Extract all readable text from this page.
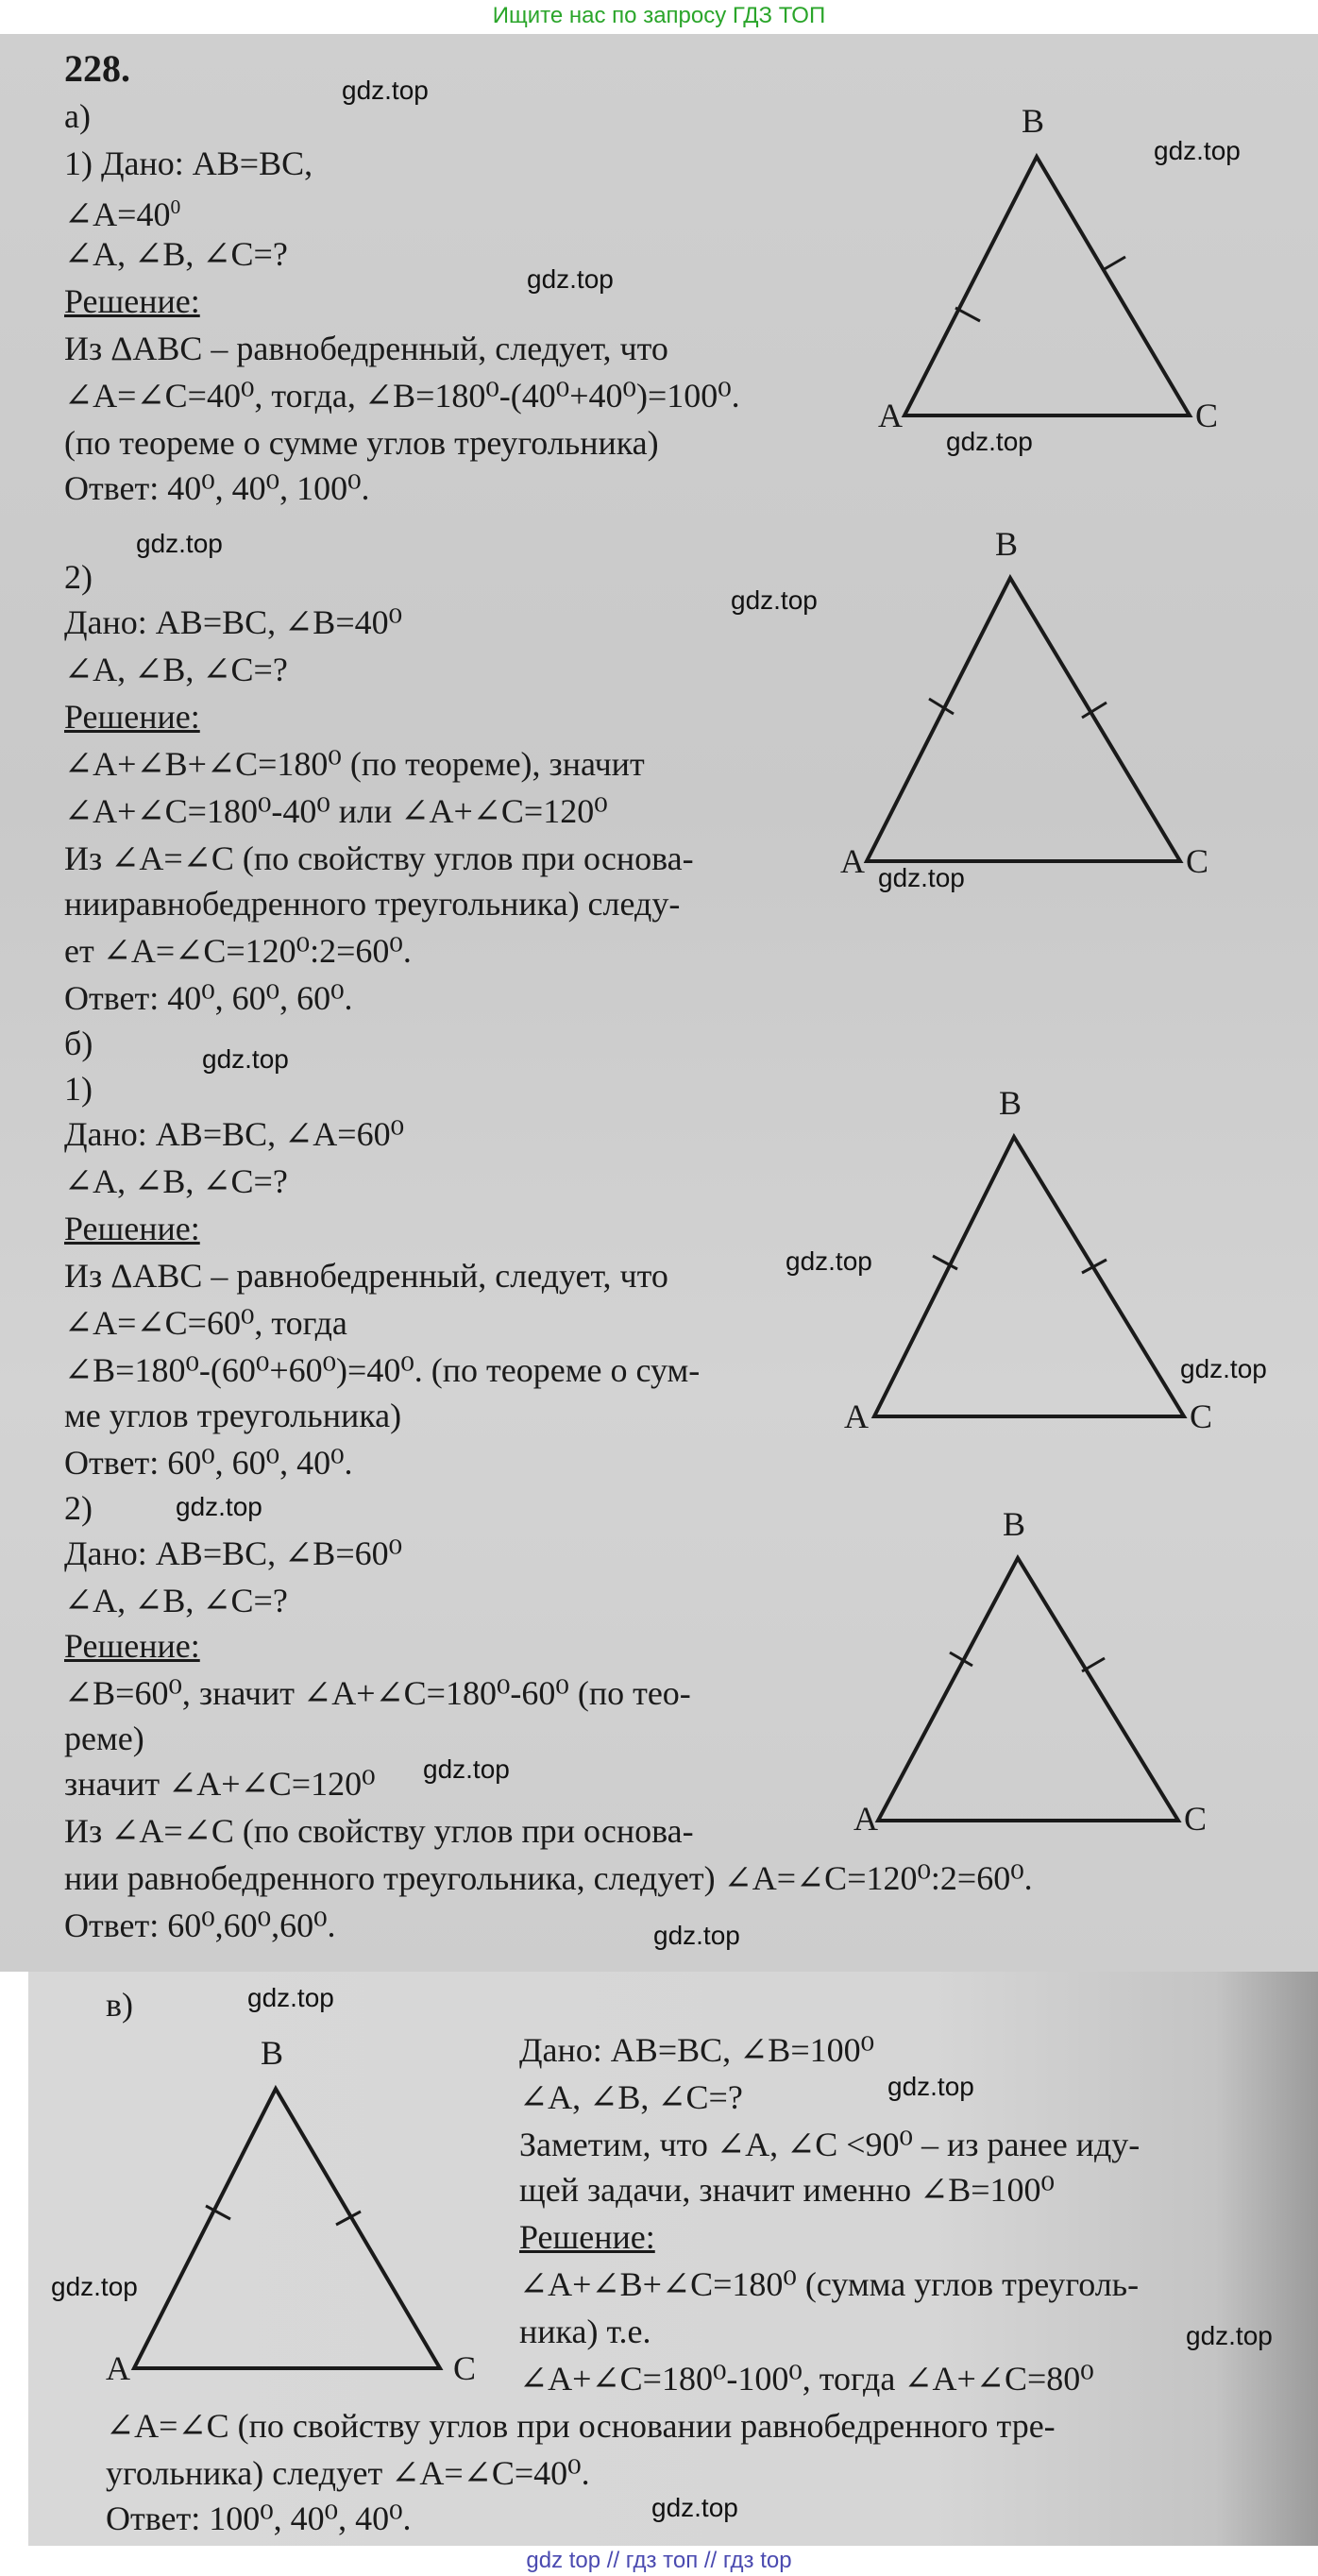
Ищите нас по запросу ГДЗ ТОП
228.
а)
1) Дано: AB=BC,
$\angle A=40^0$
∠A, ∠B, ∠C=?
Решение:
Из ΔABC – равнобедренный, следует, что
∠A=∠C=40⁰, тогда, ∠B=180⁰-(40⁰+40⁰)=100⁰.
(по теореме о сумме углов треугольника)
Ответ: 40⁰, 40⁰, 100⁰.
B
A	C
2)
Дано: AB=BC, ∠B=40⁰
∠A, ∠B, ∠C=?
Решение:
∠A+∠B+∠C=180⁰ (по теореме), значит
∠A+∠C=180⁰-40⁰ или ∠A+∠C=120⁰
Из ∠A=∠C (по свойству углов при основа-
нииравнобедренного треугольника) следу-
ет ∠A=∠C=120⁰:2=60⁰.
Ответ: 40⁰, 60⁰, 60⁰.
B
A	C
б)
1)
Дано: AB=BC, ∠A=60⁰
∠A, ∠B, ∠C=?
Решение:
Из ΔABC – равнобедренный, следует, что
∠A=∠C=60⁰, тогда
∠B=180⁰-(60⁰+60⁰)=40⁰. (по теореме о сум-
ме углов треугольника)
Ответ: 60⁰, 60⁰, 40⁰.
B
A	C
2)
Дано: AB=BC, ∠B=60⁰
∠A, ∠B, ∠C=?
Решение:
∠B=60⁰, значит ∠A+∠C=180⁰-60⁰ (по тео-
реме)
значит ∠A+∠C=120⁰
Из ∠A=∠C (по свойству углов при основа-
нии равнобедренного треугольника, следует) ∠A=∠C=120⁰:2=60⁰.
Ответ: 60⁰,60⁰,60⁰.
B
A	C
в)
Дано: AB=BC, ∠B=100⁰
∠A, ∠B, ∠C=?
Заметим, что ∠A, ∠C <90⁰ – из ранее иду-
щей задачи, значит именно ∠B=100⁰
Решение:
∠A+∠B+∠C=180⁰ (сумма углов треуголь-
ника) т.е.
∠A+∠C=180⁰-100⁰, тогда ∠A+∠C=80⁰
∠A=∠C (по свойству углов при основании равнобедренного тре-
угольника) следует ∠A=∠C=40⁰.
Ответ: 100⁰, 40⁰, 40⁰.
B
A	C
gdz.top
gdz.top
gdz.top
gdz.top
gdz.top
gdz.top
gdz.top
gdz.top
gdz.top
gdz.top
gdz.top
gdz.top
gdz.top
gdz.top
gdz.top
gdz.top
gdz.top
gdz.top
gdz top // гдз топ // гдз top
